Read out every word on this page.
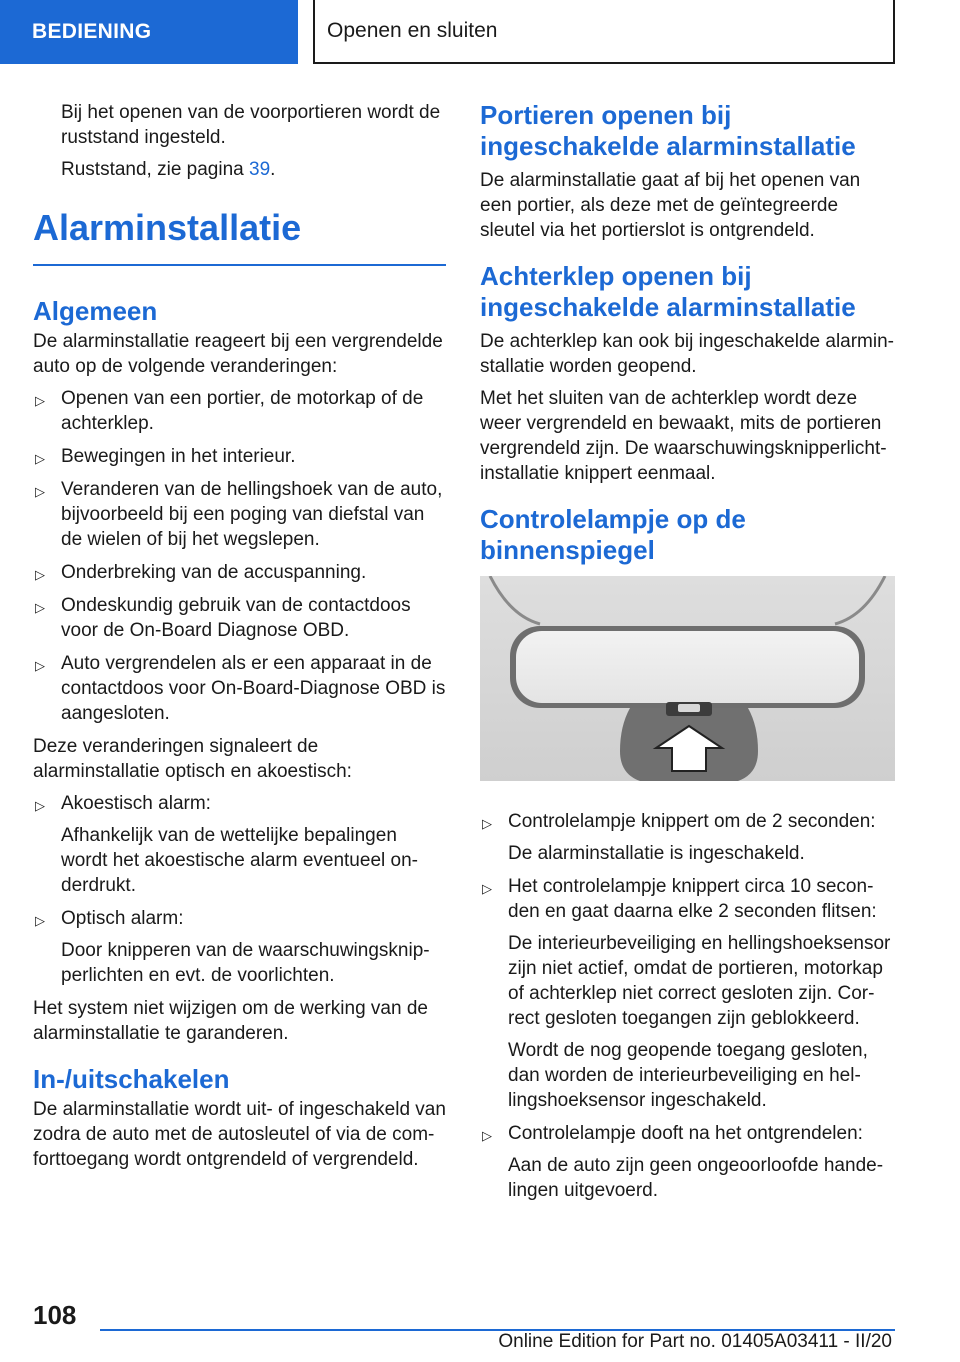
BEDIENING	Openen en sluiten

Bij het openen van de voorportieren wordt de ruststand ingesteld.

Ruststand, zie pagina 39.

Alarminstallatie
Algemeen

De alarminstallatie reageert bij een vergrendelde auto op de volgende veranderingen:

▷ Openen van een portier, de motorkap of de achterklep.
▷ Bewegingen in het interieur.
▷ Veranderen van de hellingshoek van de auto, bijvoorbeeld bij een poging van diefstal van de wielen of bij het wegslepen.
▷ Onderbreking van de accuspanning.
▷ Ondeskundig gebruik van de contactdoos voor de On-Board Diagnose OBD.
▷ Auto vergrendelen als er een apparaat in de contactdoos voor On-Board-Diagnose OBD is aangesloten.

Deze veranderingen signaleert de alarminstallatie optisch en akoestisch:

▷ Akoestisch alarm:
Afhankelijk van de wettelijke bepalingen wordt het akoestische alarm eventueel on-derdrukt.
▷ Optisch alarm:
Door knipperen van de waarschuwingsknip-perlichten en evt. de voorlichten.

Het system niet wijzigen om de werking van de alarminstallatie te garanderen.

In-/uitschakelen

De alarminstallatie wordt uit- of ingeschakeld van zodra de auto met de autosleutel of via de com-forttoegang wordt ontgrendeld of vergrendeld.

Portieren openen bij ingeschakelde alarminstallatie

De alarminstallatie gaat af bij het openen van een portier, als deze met de geïntegreerde sleutel via het portierslot is ontgrendeld.

Achterklep openen bij ingeschakelde alarminstallatie

De achterklep kan ook bij ingeschakelde alarmin-stallatie worden geopend.

Met het sluiten van de achterklep wordt deze weer vergrendeld en bewaakt, mits de portieren vergrendeld zijn. De waarschuwingsknipperlicht-installatie knippert eenmaal.

Controlelampje op de binnenspiegel
▷ Controlelampje knippert om de 2 seconden:
De alarminstallatie is ingeschakeld.
▷ Het controlelampje knippert circa 10 secon-den en gaat daarna elke 2 seconden flitsen:
De interieurbeveiliging en hellingshoeksensor zijn niet actief, omdat de portieren, motorkap of achterklep niet correct gesloten zijn. Cor-rect gesloten toegangen zijn geblokkeerd.
Wordt de nog geopende toegang gesloten, dan worden de interieurbeveiliging en hel-lingshoeksensor ingeschakeld.
▷ Controlelampje dooft na het ontgrendelen:
Aan de auto zijn geen ongeoorloofde hande-lingen uitgevoerd.
108
Online Edition for Part no. 01405A03411 - II/20
